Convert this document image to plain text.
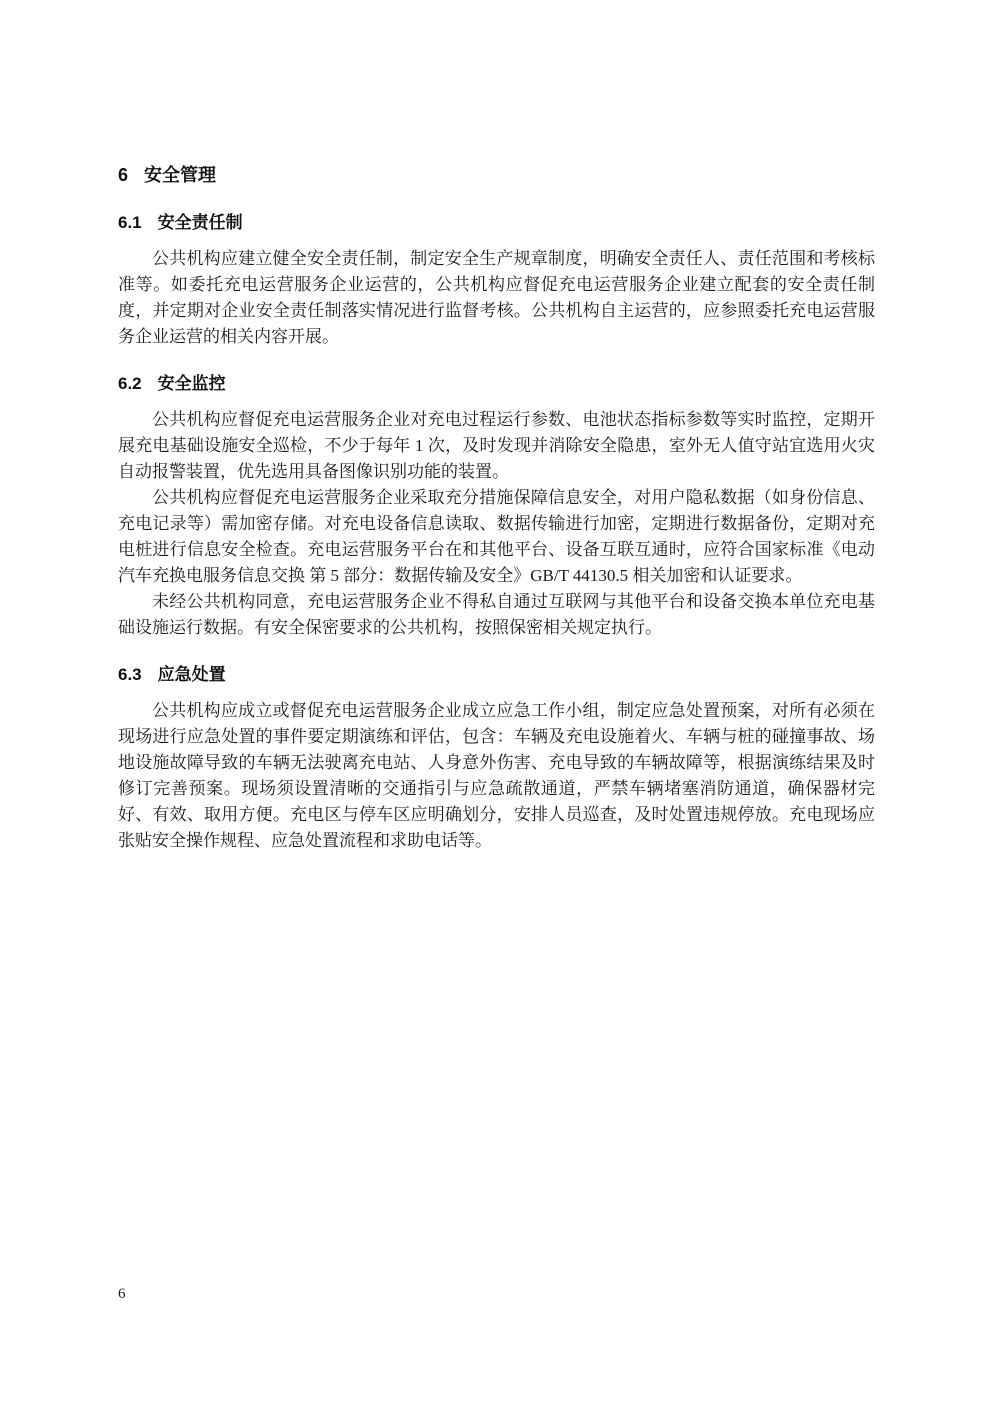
6 安全管理
6.1 安全责任制

公共机构应建立健全安全责任制，制定安全生产规章制度，明确安全责任人、责任范围和考核标准等。如委托充电运营服务企业运营的，公共机构应督促充电运营服务企业建立配套的安全责任制度，并定期对企业安全责任制落实情况进行监督考核。公共机构自主运营的，应参照委托充电运营服务企业运营的相关内容开展。

6.2 安全监控

公共机构应督促充电运营服务企业对充电过程运行参数、电池状态指标参数等实时监控，定期开展充电基础设施安全巡检，不少于每年 1 次，及时发现并消除安全隐患，室外无人值守站宜选用火灾自动报警装置，优先选用具备图像识别功能的装置。

公共机构应督促充电运营服务企业采取充分措施保障信息安全，对用户隐私数据（如身份信息、充电记录等）需加密存储。对充电设备信息读取、数据传输进行加密，定期进行数据备份，定期对充电桩进行信息安全检查。充电运营服务平台在和其他平台、设备互联互通时，应符合国家标准《电动汽车充换电服务信息交换 第 5 部分：数据传输及安全》GB/T 44130.5 相关加密和认证要求。

未经公共机构同意，充电运营服务企业不得私自通过互联网与其他平台和设备交换本单位充电基础设施运行数据。有安全保密要求的公共机构，按照保密相关规定执行。

6.3 应急处置

公共机构应成立或督促充电运营服务企业成立应急工作小组，制定应急处置预案，对所有必须在现场进行应急处置的事件要定期演练和评估，包含：车辆及充电设施着火、车辆与桩的碰撞事故、场地设施故障导致的车辆无法驶离充电站、人身意外伤害、充电导致的车辆故障等，根据演练结果及时修订完善预案。现场须设置清晰的交通指引与应急疏散通道，严禁车辆堵塞消防通道，确保器材完好、有效、取用方便。充电区与停车区应明确划分，安排人员巡查，及时处置违规停放。充电现场应张贴安全操作规程、应急处置流程和求助电话等。

6
